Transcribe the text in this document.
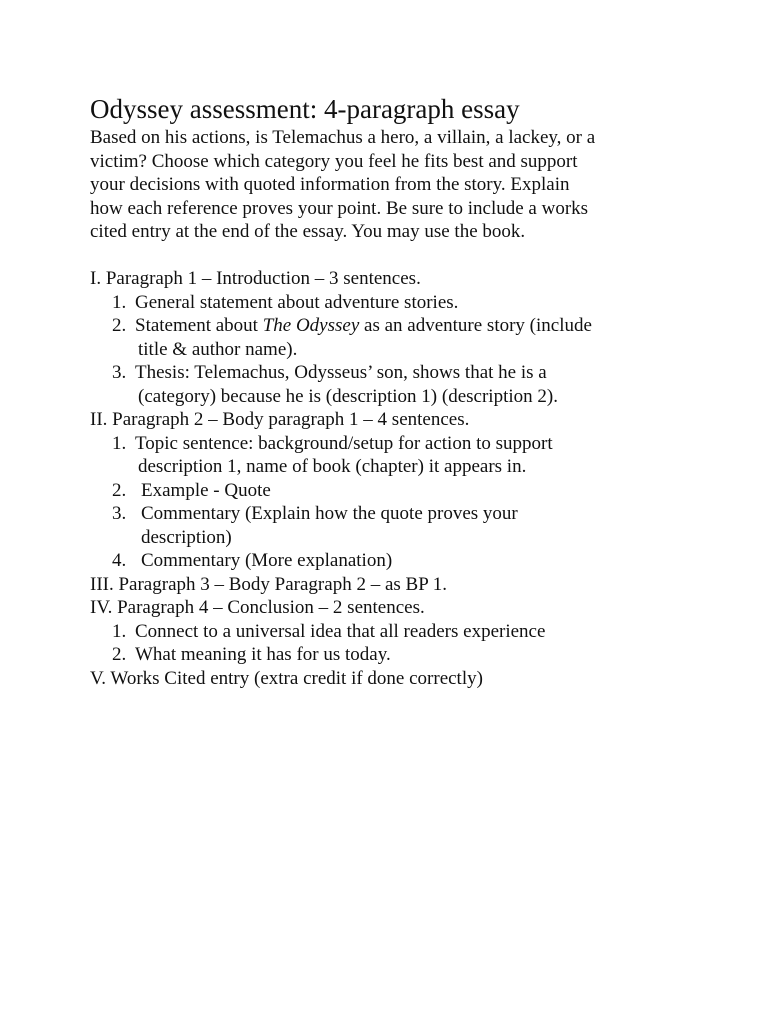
Odyssey assessment: 4-paragraph essay
Based on his actions, is Telemachus a hero, a villain, a lackey, or a
victim? Choose which category you feel he fits best and support
your decisions with quoted information from the story. Explain
how each reference proves your point. Be sure to include a works
cited entry at the end of the essay. You may use the book.
I. Paragraph 1 – Introduction – 3 sentences.
1. General statement about adventure stories.
2. Statement about The Odyssey as an adventure story (include
title & author name).
3. Thesis: Telemachus, Odysseus’ son, shows that he is a
(category) because he is (description 1) (description 2).
II. Paragraph 2 – Body paragraph 1 – 4 sentences.
1. Topic sentence: background/setup for action to support
description 1, name of book (chapter) it appears in.
2. Example - Quote
3. Commentary (Explain how the quote proves your
description)
4. Commentary (More explanation)
III. Paragraph 3 – Body Paragraph 2 – as BP 1.
IV. Paragraph 4 – Conclusion – 2 sentences.
1. Connect to a universal idea that all readers experience
2. What meaning it has for us today.
V. Works Cited entry (extra credit if done correctly)
